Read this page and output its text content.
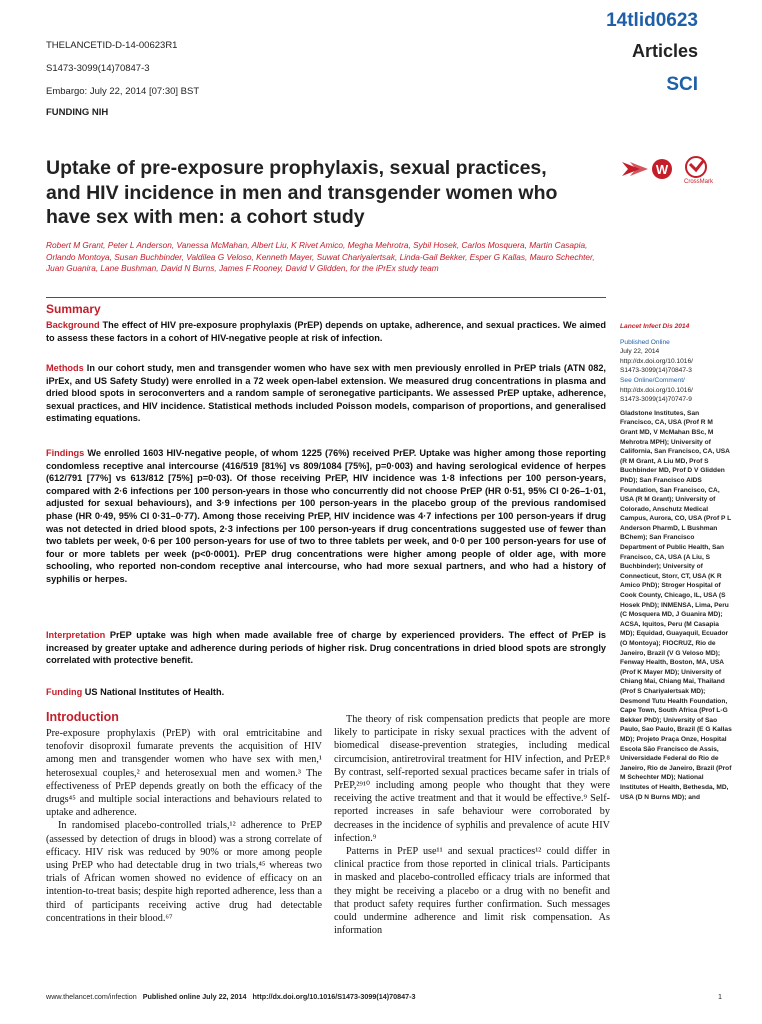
THELANCETID-D-14-00623R1
S1473-3099(14)70847-3
Embargo: July 22, 2014 [07:30] BST
FUNDING NIH
14tlid0623
Articles
SCI
Uptake of pre-exposure prophylaxis, sexual practices, and HIV incidence in men and transgender women who have sex with men: a cohort study
W
CrossMark
Robert M Grant, Peter L Anderson, Vanessa McMahan, Albert Liu, K Rivet Amico, Megha Mehrotra, Sybil Hosek, Carlos Mosquera, Martin Casapia, Orlando Montoya, Susan Buchbinder, Valdilea G Veloso, Kenneth Mayer, Suwat Chariyalertsak, Linda-Gail Bekker, Esper G Kallas, Mauro Schechter, Juan Guanira, Lane Bushman, David N Burns, James F Rooney, David V Glidden, for the iPrEx study team
Summary
Background The effect of HIV pre-exposure prophylaxis (PrEP) depends on uptake, adherence, and sexual practices. We aimed to assess these factors in a cohort of HIV-negative people at risk of infection.
Methods In our cohort study, men and transgender women who have sex with men previously enrolled in PrEP trials (ATN 082, iPrEx, and US Safety Study) were enrolled in a 72 week open-label extension. We measured drug concentrations in plasma and dried blood spots in seroconverters and a random sample of seronegative participants. We assessed PrEP uptake, adherence, sexual practices, and HIV incidence. Statistical methods included Poisson models, comparison of proportions, and generalised estimating equations.
Findings We enrolled 1603 HIV-negative people, of whom 1225 (76%) received PrEP. Uptake was higher among those reporting condomless receptive anal intercourse (416/519 [81%] vs 809/1084 [75%], p=0·003) and having serological evidence of herpes (612/791 [77%] vs 613/812 [75%] p=0·03). Of those receiving PrEP, HIV incidence was 1·8 infections per 100 person-years, compared with 2·6 infections per 100 person-years in those who concurrently did not choose PrEP (HR 0·51, 95% CI 0·26–1·01, adjusted for sexual behaviours), and 3·9 infections per 100 person-years in the placebo group of the previous randomised phase (HR 0·49, 95% CI 0·31–0·77). Among those receiving PrEP, HIV incidence was 4·7 infections per 100 person-years if drug was not detected in dried blood spots, 2·3 infections per 100 person-years if drug concentrations suggested use of fewer than two tablets per week, 0·6 per 100 person-years for use of two to three tablets per week, and 0·0 per 100 person-years for use of four or more tablets per week (p<0·0001). PrEP drug concentrations were higher among people of older age, with more schooling, who reported non-condom receptive anal intercourse, who had more sexual partners, and who had a history of syphilis or herpes.
Interpretation PrEP uptake was high when made available free of charge by experienced providers. The effect of PrEP is increased by greater uptake and adherence during periods of higher risk. Drug concentrations in dried blood spots are strongly correlated with protective benefit.
Funding US National Institutes of Health.
Introduction

Pre-exposure prophylaxis (PrEP) with oral emtricitabine and tenofovir disoproxil fumarate prevents the acquisition of HIV among men and transgender women who have sex with men,¹ heterosexual couples,² and heterosexual men and women.³ The effectiveness of PrEP depends greatly on both the efficacy of the drugs⁴⁵ and multiple social interactions and behaviours related to uptake and adherence.

In randomised placebo-controlled trials,¹² adherence to PrEP (assessed by detection of drugs in blood) was a strong correlate of efficacy. HIV risk was reduced by 90% or more among people using PrEP who had detectable drug in two trials,⁴⁵ whereas two trials of African women showed no evidence of efficacy on an intention-to-treat basis; despite high reported adherence, less than a third of participants receiving active drug had detectable concentrations in their blood.⁶⁷

The theory of risk compensation predicts that people are more likely to participate in risky sexual practices with the advent of biomedical disease-prevention strategies, including medical circumcision, antiretroviral treatment for HIV infection, and PrEP.⁸ By contrast, self-reported sexual practices became safer in trials of PrEP,²⁹¹⁰ including among people who thought that they were receiving the active treatment and that it would be effective.⁹ Self-reported increases in safe behaviour were corroborated by decreases in the incidence of syphilis and prevalence of acute HIV infection.⁹

Patterns in PrEP use¹¹ and sexual practices¹² could differ in clinical practice from those reported in clinical trials. Participants in masked and placebo-controlled efficacy trials are informed that they might be receiving a placebo or a drug with no benefit and that product safety requires further confirmation. Such messages could undermine adherence and limit risk compensation. As information

Lancet Infect Dis 2014
Published Online
July 22, 2014
http://dx.doi.org/10.1016/
S1473-3099(14)70847-3
See Online/Comment/
http://dx.doi.org/10.1016/
S1473-3099(14)70747-9
Gladstone Institutes, San Francisco, CA, USA (Prof R M Grant MD, V McMahan BSc, M Mehrotra MPH); University of California, San Francisco, CA, USA (R M Grant, A Liu MD, Prof S Buchbinder MD, Prof D V Glidden PhD); San Francisco AIDS Foundation, San Francisco, CA, USA (R M Grant); University of Colorado, Anschutz Medical Campus, Aurora, CO, USA (Prof P L Anderson PharmD, L Bushman BChem); San Francisco Department of Public Health, San Francisco, CA, USA (A Liu, S Buchbinder); University of Connecticut, Storr, CT, USA (K R Amico PhD); Stroger Hospital of Cook County, Chicago, IL, USA (S Hosek PhD); INMENSA, Lima, Peru (C Mosquera MD, J Guanira MD); ACSA, Iquitos, Peru (M Casapia MD); Equidad, Guayaquil, Ecuador (O Montoya); FIOCRUZ, Rio de Janeiro, Brazil (V G Veloso MD); Fenway Health, Boston, MA, USA (Prof K Mayer MD); University of Chiang Mai, Chiang Mai, Thailand (Prof S Chariyalertsak MD); Desmond Tutu Health Foundation, Cape Town, South Africa (Prof L-G Bekker PhD); University of Sao Paulo, Sao Paulo, Brazil (E G Kallas MD); Projeto Praça Onze, Hospital Escola São Francisco de Assis, Universidade Federal do Rio de Janeiro, Rio de Janeiro, Brazil (Prof M Schechter MD); National Institutes of Health, Bethesda, MD, USA (D N Burns MD); and
www.thelancet.com/infection Published online July 22, 2014 http://dx.doi.org/10.1016/S1473-3099(14)70847-3	1
